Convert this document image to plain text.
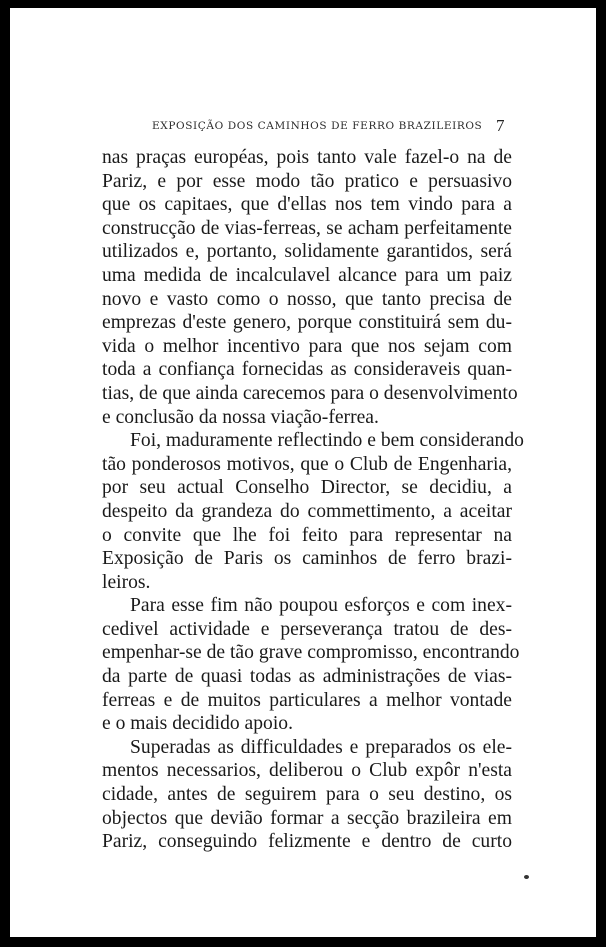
EXPOSIÇÃO DOS CAMINHOS DE FERRO BRAZILEIROS 7
nas praças européas, pois tanto vale fazel-o na de
Pariz, e por esse modo tão pratico e persuasivo
que os capitaes, que d'ellas nos tem vindo para a
construcção de vias-ferreas, se acham perfeitamente
utilizados e, portanto, solidamente garantidos, será
uma medida de incalculavel alcance para um paiz
novo e vasto como o nosso, que tanto precisa de
emprezas d'este genero, porque constituirá sem du-
vida o melhor incentivo para que nos sejam com
toda a confiança fornecidas as consideraveis quan-
tias, de que ainda carecemos para o desenvolvimento
e conclusão da nossa viação-ferrea.
Foi, maduramente reflectindo e bem considerando
tão ponderosos motivos, que o Club de Engenharia,
por seu actual Conselho Director, se decidiu, a
despeito da grandeza do commettimento, a aceitar
o convite que lhe foi feito para representar na
Exposição de Paris os caminhos de ferro brazi-
leiros.
Para esse fim não poupou esforços e com inex-
cedivel actividade e perseverança tratou de des-
empenhar-se de tão grave compromisso, encontrando
da parte de quasi todas as administrações de vias-
ferreas e de muitos particulares a melhor vontade
e o mais decidido apoio.
Superadas as difficuldades e preparados os ele-
mentos necessarios, deliberou o Club expôr n'esta
cidade, antes de seguirem para o seu destino, os
objectos que devião formar a secção brazileira em
Pariz, conseguindo felizmente e dentro de curto
